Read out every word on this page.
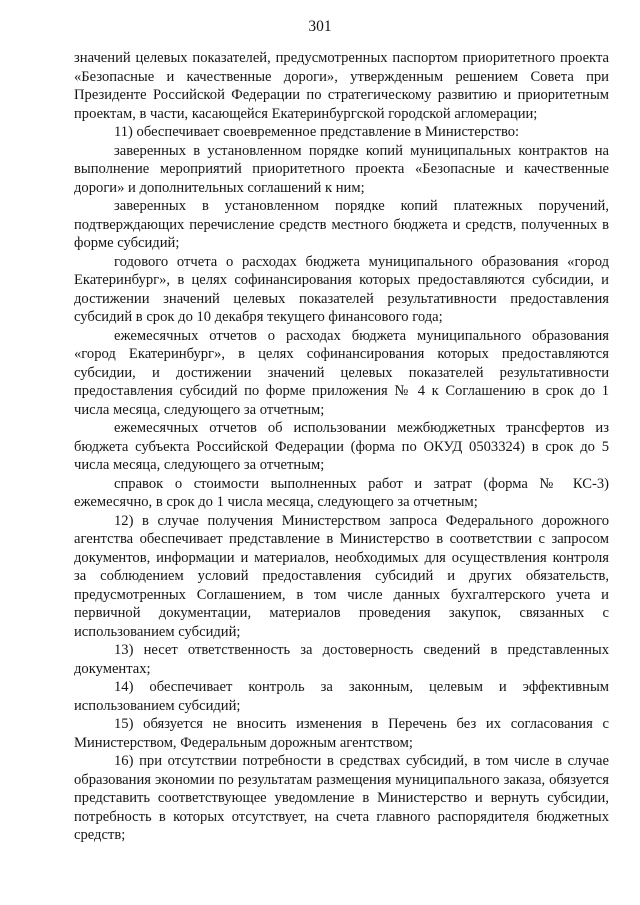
301

значений целевых показателей, предусмотренных паспортом приоритетного проекта «Безопасные и качественные дороги», утвержденным решением Совета при Президенте Российской Федерации по стратегическому развитию и приоритетным проектам, в части, касающейся Екатеринбургской городской агломерации;

11) обеспечивает своевременное представление в Министерство:

заверенных в установленном порядке копий муниципальных контрактов на выполнение мероприятий приоритетного проекта «Безопасные и качественные дороги» и дополнительных соглашений к ним;

заверенных в установленном порядке копий платежных поручений, подтверждающих перечисление средств местного бюджета и средств, полученных в форме субсидий;

годового отчета о расходах бюджета муниципального образования «город Екатеринбург», в целях софинансирования которых предоставляются субсидии, и достижении значений целевых показателей результативности предоставления субсидий в срок до 10 декабря текущего финансового года;

ежемесячных отчетов о расходах бюджета муниципального образования «город Екатеринбург», в целях софинансирования которых предоставляются субсидии, и достижении значений целевых показателей результативности предоставления субсидий по форме приложения № 4 к Соглашению в срок до 1 числа месяца, следующего за отчетным;

ежемесячных отчетов об использовании межбюджетных трансфертов из бюджета субъекта Российской Федерации (форма по ОКУД 0503324) в срок до 5 числа месяца, следующего за отчетным;

справок о стоимости выполненных работ и затрат (форма № КС-3) ежемесячно, в срок до 1 числа месяца, следующего за отчетным;

12) в случае получения Министерством запроса Федерального дорожного агентства обеспечивает представление в Министерство в соответствии с запросом документов, информации и материалов, необходимых для осуществления контроля за соблюдением условий предоставления субсидий и других обязательств, предусмотренных Соглашением, в том числе данных бухгалтерского учета и первичной документации, материалов проведения закупок, связанных с использованием субсидий;

13) несет ответственность за достоверность сведений в представленных документах;

14) обеспечивает контроль за законным, целевым и эффективным использованием субсидий;

15) обязуется не вносить изменения в Перечень без их согласования с Министерством, Федеральным дорожным агентством;

16) при отсутствии потребности в средствах субсидий, в том числе в случае образования экономии по результатам размещения муниципального заказа, обязуется представить соответствующее уведомление в Министерство и вернуть субсидии, потребность в которых отсутствует, на счета главного распорядителя бюджетных средств;
